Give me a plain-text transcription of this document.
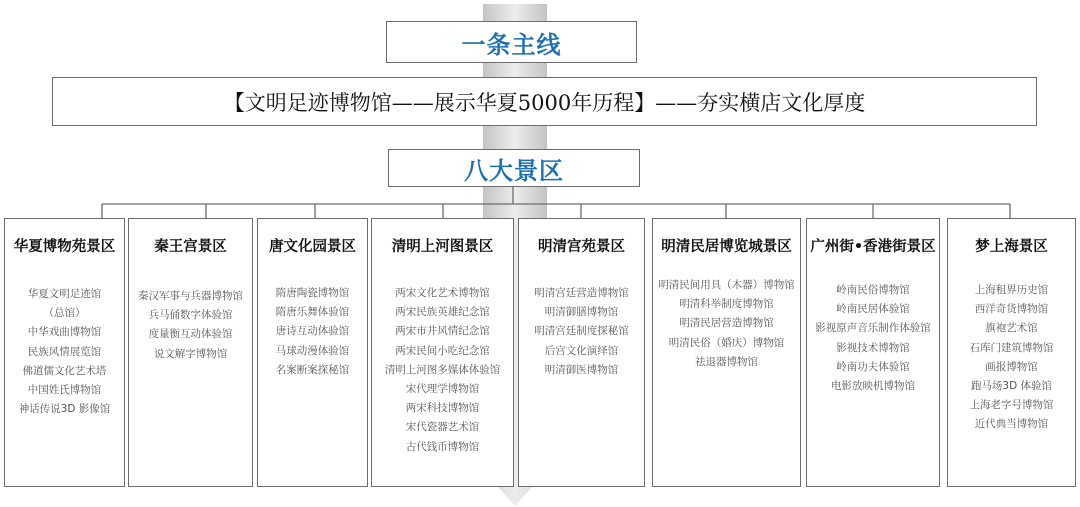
一条主线
【文明足迹博物馆——展示华夏5000年历程】——夯实横店文化厚度
八大景区
华夏博物苑景区
华夏文明足迹馆
（总馆）
中华戏曲博物馆
民族风情展览馆
佛道儒文化艺术塔
中国姓氏博物馆
神话传说3D 影像馆
秦王宫景区
秦汉军事与兵器博物馆
兵马俑数字体验馆
度量衡互动体验馆
说文解字博物馆
唐文化园景区
隋唐陶瓷博物馆
隋唐乐舞体验馆
唐诗互动体验馆
马球动漫体验馆
名案断案探秘馆
清明上河图景区
两宋文化艺术博物馆
两宋民族英雄纪念馆
两宋市井风情纪念馆
两宋民间小吃纪念馆
清明上河图多媒体体验馆
宋代理学博物馆
两宋科技博物馆
宋代瓷器艺术馆
古代钱币博物馆
明清宫苑景区
明清宫廷营造博物馆
明清御膳博物馆
明清宫廷制度探秘馆
后宫文化演绎馆
明清御医博物馆
明清民居博览城景区
明清民间用具（木器）博物馆
明清科举制度博物馆
明清民居营造博物馆
明清民俗（婚庆）博物馆
祛退器博物馆
广州街•香港街景区
岭南民俗博物馆
岭南民居体验馆
影视原声音乐制作体验馆
影视技术博物馆
岭南功夫体验馆
电影放映机博物馆
梦上海景区
上海租界历史馆
西洋奇货博物馆
旗袍艺术馆
石库门建筑博物馆
画报博物馆
跑马场3D 体验馆
上海老字号博物馆
近代典当博物馆
